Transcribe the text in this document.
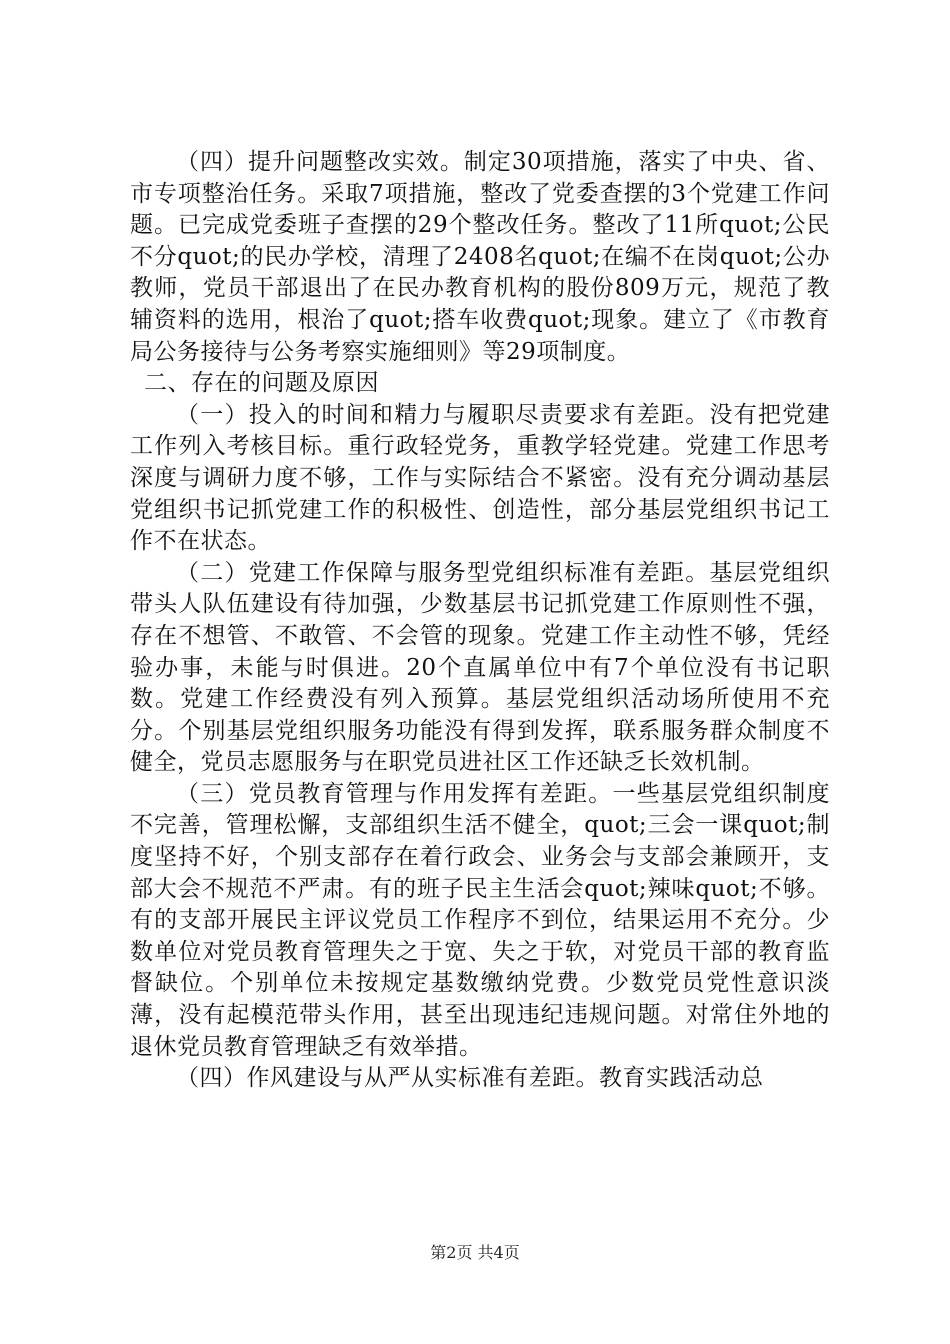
（四）提升问题整改实效。制定30项措施，落实了中央、省、市专项整治任务。采取7项措施，整改了党委查摆的3个党建工作问题。已完成党委班子查摆的29个整改任务。整改了11所quot;公民不分quot;的民办学校，清理了2408名quot;在编不在岗quot;公办教师，党员干部退出了在民办教育机构的股份809万元，规范了教辅资料的选用，根治了quot;搭车收费quot;现象。建立了《市教育局公务接待与公务考察实施细则》等29项制度。

二、存在的问题及原因

（一）投入的时间和精力与履职尽责要求有差距。没有把党建工作列入考核目标。重行政轻党务，重教学轻党建。党建工作思考深度与调研力度不够，工作与实际结合不紧密。没有充分调动基层党组织书记抓党建工作的积极性、创造性，部分基层党组织书记工作不在状态。

（二）党建工作保障与服务型党组织标准有差距。基层党组织带头人队伍建设有待加强，少数基层书记抓党建工作原则性不强，存在不想管、不敢管、不会管的现象。党建工作主动性不够，凭经验办事，未能与时俱进。20个直属单位中有7个单位没有书记职数。党建工作经费没有列入预算。基层党组织活动场所使用不充分。个别基层党组织服务功能没有得到发挥，联系服务群众制度不健全，党员志愿服务与在职党员进社区工作还缺乏长效机制。

（三）党员教育管理与作用发挥有差距。一些基层党组织制度不完善，管理松懈，支部组织生活不健全，quot;三会一课quot;制度坚持不好，个别支部存在着行政会、业务会与支部会兼顾开，支部大会不规范不严肃。有的班子民主生活会quot;辣味quot;不够。有的支部开展民主评议党员工作程序不到位，结果运用不充分。少数单位对党员教育管理失之于宽、失之于软，对党员干部的教育监督缺位。个别单位未按规定基数缴纳党费。少数党员党性意识淡薄，没有起模范带头作用，甚至出现违纪违规问题。对常住外地的退休党员教育管理缺乏有效举措。

（四）作风建设与从严从实标准有差距。教育实践活动总

第2页 共4页
